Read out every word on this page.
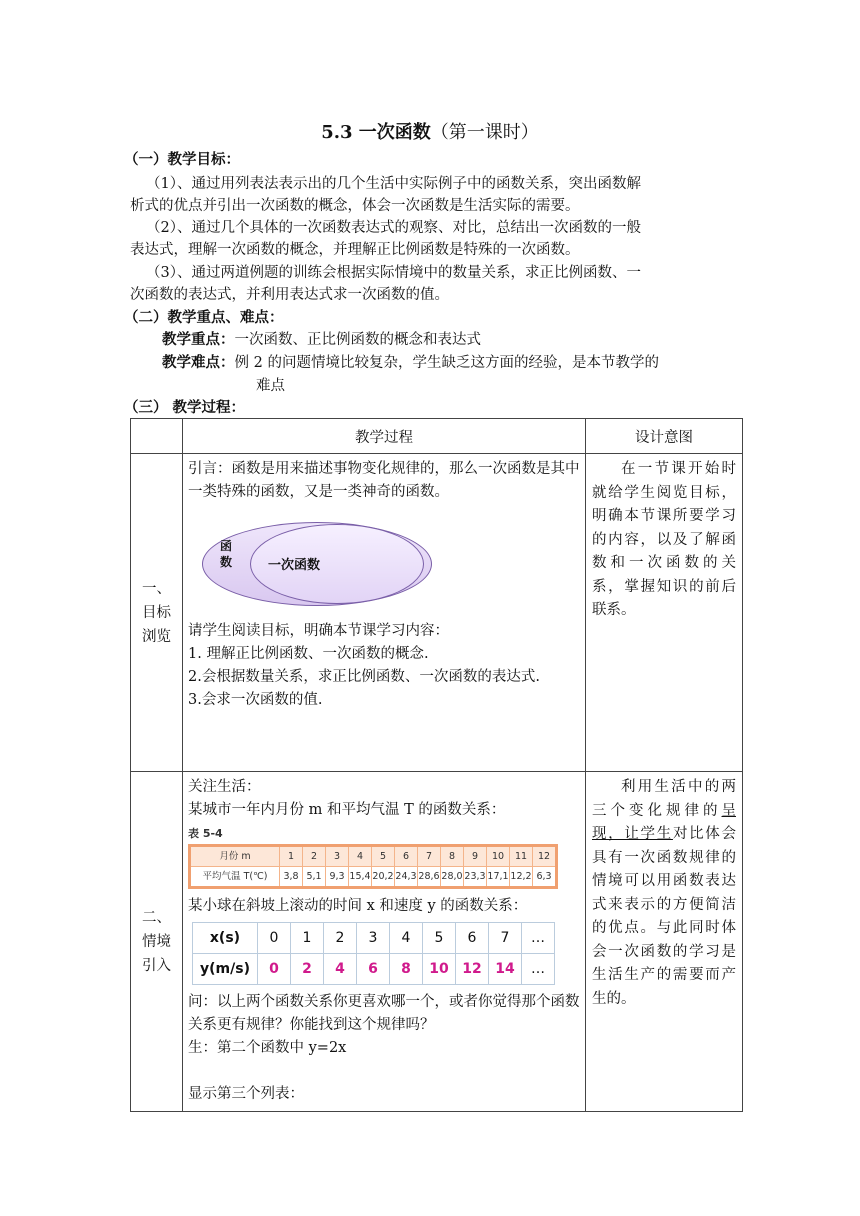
5.3 一次函数（第一课时）
（一）教学目标：
（1）、通过用列表法表示出的几个生活中实际例子中的函数关系，突出函数解
析式的优点并引出一次函数的概念，体会一次函数是生活实际的需要。
（2）、通过几个具体的一次函数表达式的观察、对比，总结出一次函数的一般
表达式，理解一次函数的概念，并理解正比例函数是特殊的一次函数。
（3）、通过两道例题的训练会根据实际情境中的数量关系，求正比例函数、一
次函数的表达式，并利用表达式求一次函数的值。
（二）教学重点、难点：
教学重点：一次函数、正比例函数的概念和表达式
教学难点：例 2 的问题情境比较复杂，学生缺乏这方面的经验，是本节教学的
难点
（三） 教学过程：
	教学过程	设计意图

一、
目标
浏览

引言：函数是用来描述事物变化规律的，那么一次函数是其中一类特殊的函数，又是一类神奇的函数。
函
数	一次函数
请学生阅读目标，明确本节课学习内容：
1. 理解正比例函数、一次函数的概念.
2.会根据数量关系，求正比例函数、一次函数的表达式.
3.会求一次函数的值.
	在一节课开始时就给学生阅览目标，明确本节课所要学习的内容，以及了解函数和一次函数的关系，掌握知识的前后联系。

二、
情境
引入

关注生活：
某城市一年内月份 m 和平均气温 T 的函数关系：
表 5-4
月份 m	1	2	3	4	5	6	7	8	9	10	11	12
平均气温 T(℃)	3,8	5,1	9,3	15,4	20,2	24,3	28,6	28,0	23,3	17,1	12,2	6,3
某小球在斜坡上滚动的时间 x 和速度 y 的函数关系：
x(s)	0	1	2	3	4	5	6	7	…
y(m/s)	0	2	4	6	8	10	12	14	…
问：以上两个函数关系你更喜欢哪一个，或者你觉得那个函数关系更有规律？你能找到这个规律吗？
生：第二个函数中 y=2x
显示第三个列表：
	利用生活中的两三个变化规律的呈现，让学生对比体会具有一次函数规律的情境可以用函数表达式来表示的方便简洁的优点。与此同时体会一次函数的学习是生活生产的需要而产生的。
